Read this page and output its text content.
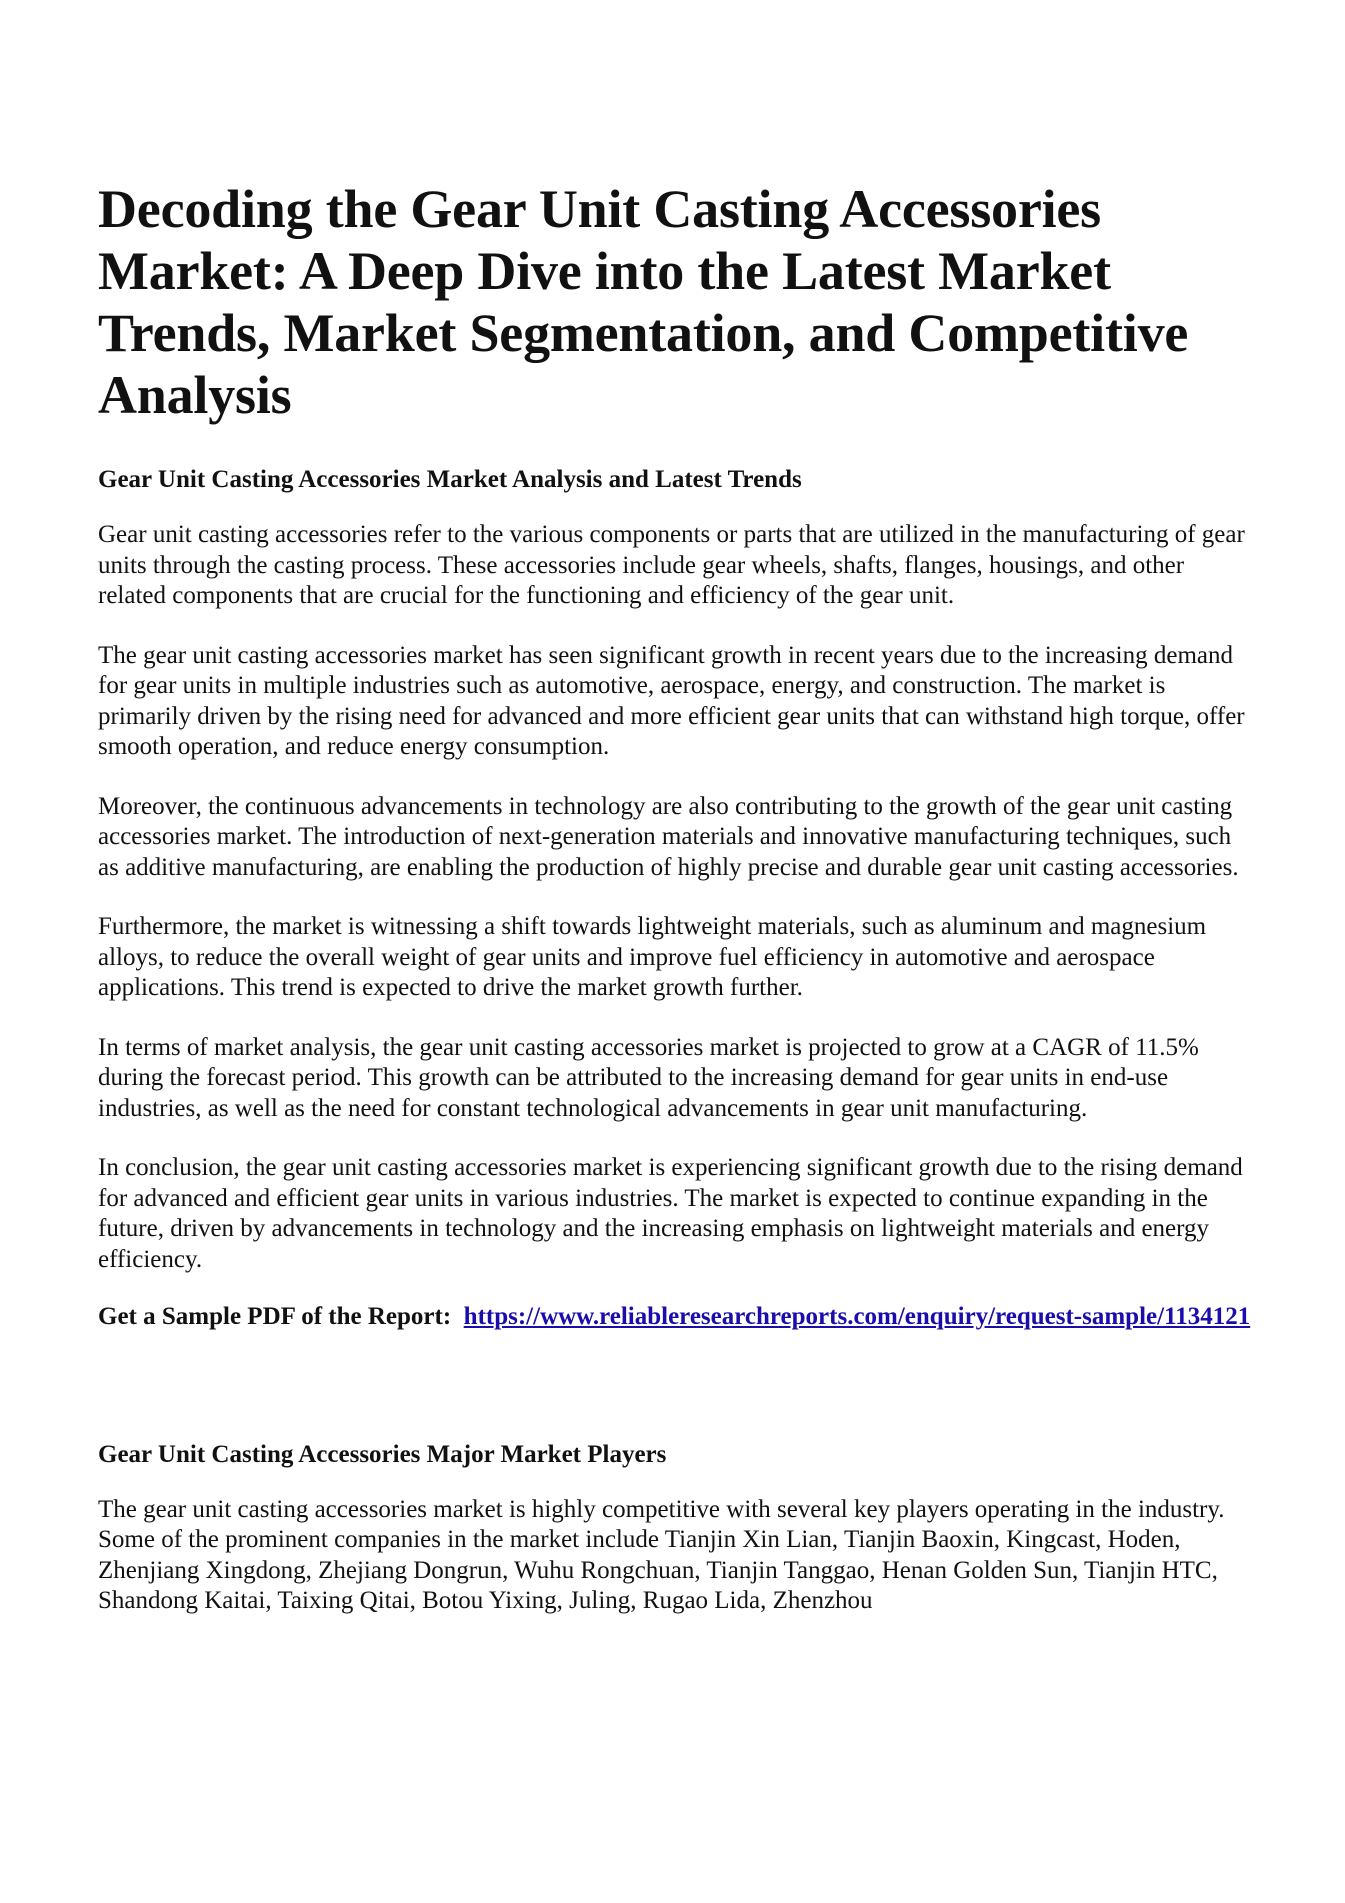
Decoding the Gear Unit Casting Accessories Market: A Deep Dive into the Latest Market Trends, Market Segmentation, and Competitive Analysis
Gear Unit Casting Accessories Market Analysis and Latest Trends

Gear unit casting accessories refer to the various components or parts that are utilized in the manufacturing of gear units through the casting process. These accessories include gear wheels, shafts, flanges, housings, and other related components that are crucial for the functioning and efficiency of the gear unit.

The gear unit casting accessories market has seen significant growth in recent years due to the increasing demand for gear units in multiple industries such as automotive, aerospace, energy, and construction. The market is primarily driven by the rising need for advanced and more efficient gear units that can withstand high torque, offer smooth operation, and reduce energy consumption.

Moreover, the continuous advancements in technology are also contributing to the growth of the gear unit casting accessories market. The introduction of next-generation materials and innovative manufacturing techniques, such as additive manufacturing, are enabling the production of highly precise and durable gear unit casting accessories.

Furthermore, the market is witnessing a shift towards lightweight materials, such as aluminum and magnesium alloys, to reduce the overall weight of gear units and improve fuel efficiency in automotive and aerospace applications. This trend is expected to drive the market growth further.

In terms of market analysis, the gear unit casting accessories market is projected to grow at a CAGR of 11.5% during the forecast period. This growth can be attributed to the increasing demand for gear units in end-use industries, as well as the need for constant technological advancements in gear unit manufacturing.

In conclusion, the gear unit casting accessories market is experiencing significant growth due to the rising demand for advanced and efficient gear units in various industries. The market is expected to continue expanding in the future, driven by advancements in technology and the increasing emphasis on lightweight materials and energy efficiency.

Get a Sample PDF of the Report: https://www.reliableresearchreports.com/enquiry/request-sample/1134121
Gear Unit Casting Accessories Major Market Players

The gear unit casting accessories market is highly competitive with several key players operating in the industry. Some of the prominent companies in the market include Tianjin Xin Lian, Tianjin Baoxin, Kingcast, Hoden, Zhenjiang Xingdong, Zhejiang Dongrun, Wuhu Rongchuan, Tianjin Tanggao, Henan Golden Sun, Tianjin HTC, Shandong Kaitai, Taixing Qitai, Botou Yixing, Juling, Rugao Lida, Zhenzhou
